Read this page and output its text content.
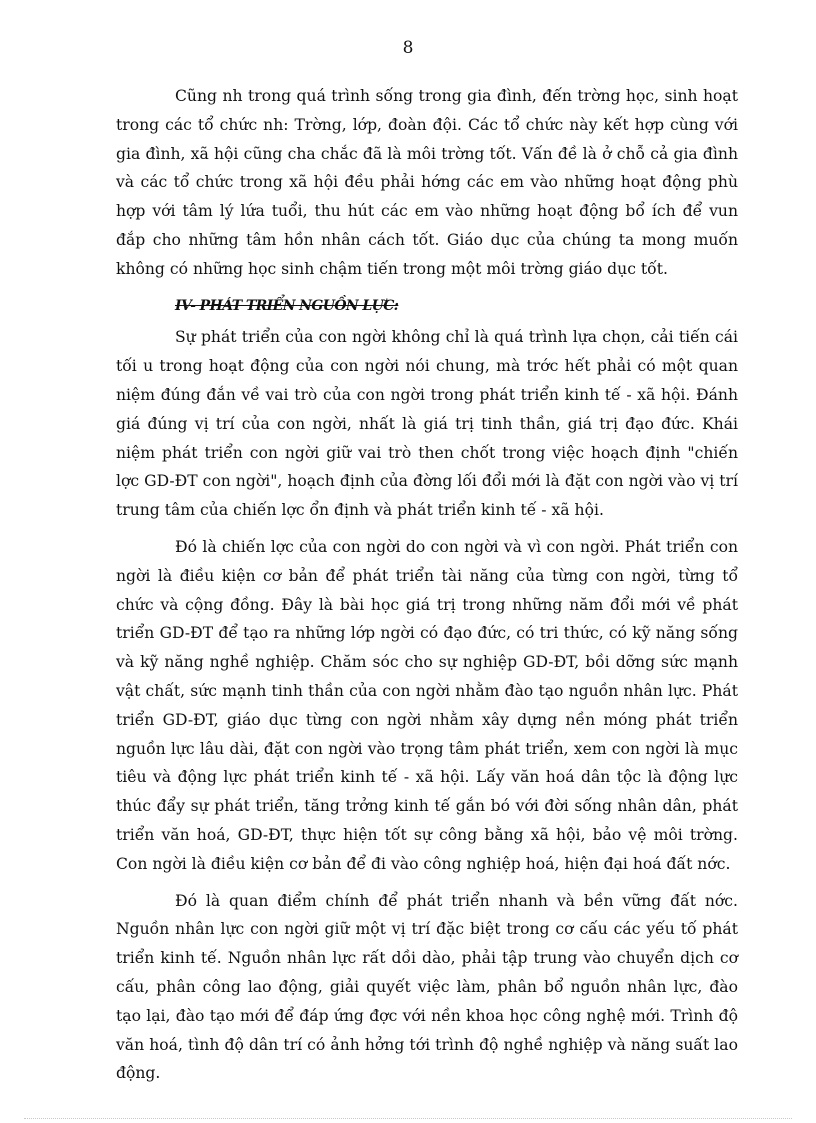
8

Cũng nh trong quá trình sống trong gia đình, đến trờng học, sinh hoạt trong các tổ chức nh: Trờng, lớp, đoàn đội. Các tổ chức này kết hợp cùng với gia đình, xã hội cũng cha chắc đã là môi trờng tốt. Vấn đề là ở chỗ cả gia đình và các tổ chức trong xã hội đều phải hớng các em vào những hoạt động phù hợp với tâm lý lứa tuổi, thu hút các em vào những hoạt động bổ ích để vun đắp cho những tâm hồn nhân cách tốt. Giáo dục của chúng ta mong muốn không có những học sinh chậm tiến trong một môi trờng giáo dục tốt.

IV- PHÁT TRIỂN NGUỒN LỰC:

Sự phát triển của con ngời không chỉ là quá trình lựa chọn, cải tiến cái tối u trong hoạt động của con ngời nói chung, mà trớc hết phải có một quan niệm đúng đắn về vai trò của con ngời trong phát triển kinh tế - xã hội. Đánh giá đúng vị trí của con ngời, nhất là giá trị tinh thần, giá trị đạo đức. Khái niệm phát triển con ngời giữ vai trò then chốt trong việc hoạch định "chiến lợc GD-ĐT con ngời", hoạch định của đờng lối đổi mới là đặt con ngời vào vị trí trung tâm của chiến lợc ổn định và phát triển kinh tế - xã hội.

Đó là chiến lợc của con ngời do con ngời và vì con ngời. Phát triển con ngời là điều kiện cơ bản để phát triển tài năng của từng con ngời, từng tổ chức và cộng đồng. Đây là bài học giá trị trong những năm đổi mới về phát triển GD-ĐT để tạo ra những lớp ngời có đạo đức, có tri thức, có kỹ năng sống và kỹ năng nghề nghiệp. Chăm sóc cho sự nghiệp GD-ĐT, bồi dỡng sức mạnh vật chất, sức mạnh tinh thần của con ngời nhằm đào tạo nguồn nhân lực. Phát triển GD-ĐT, giáo dục từng con ngời nhằm xây dựng nền móng phát triển nguồn lực lâu dài, đặt con ngời vào trọng tâm phát triển, xem con ngời là mục tiêu và động lực phát triển kinh tế - xã hội. Lấy văn hoá dân tộc là động lực thúc đẩy sự phát triển, tăng trởng kinh tế gắn bó với đời sống nhân dân, phát triển văn hoá, GD-ĐT, thực hiện tốt sự công bằng xã hội, bảo vệ môi trờng. Con ngời là điều kiện cơ bản để đi vào công nghiệp hoá, hiện đại hoá đất nớc.

Đó là quan điểm chính để phát triển nhanh và bền vững đất nớc. Nguồn nhân lực con ngời giữ một vị trí đặc biệt trong cơ cấu các yếu tố phát triển kinh tế. Nguồn nhân lực rất dồi dào, phải tập trung vào chuyển dịch cơ cấu, phân công lao động, giải quyết việc làm, phân bổ nguồn nhân lực, đào tạo lại, đào tạo mới để đáp ứng đợc với nền khoa học công nghệ mới. Trình độ văn hoá, tình độ dân trí có ảnh hởng tới trình độ nghề nghiệp và năng suất lao động.
